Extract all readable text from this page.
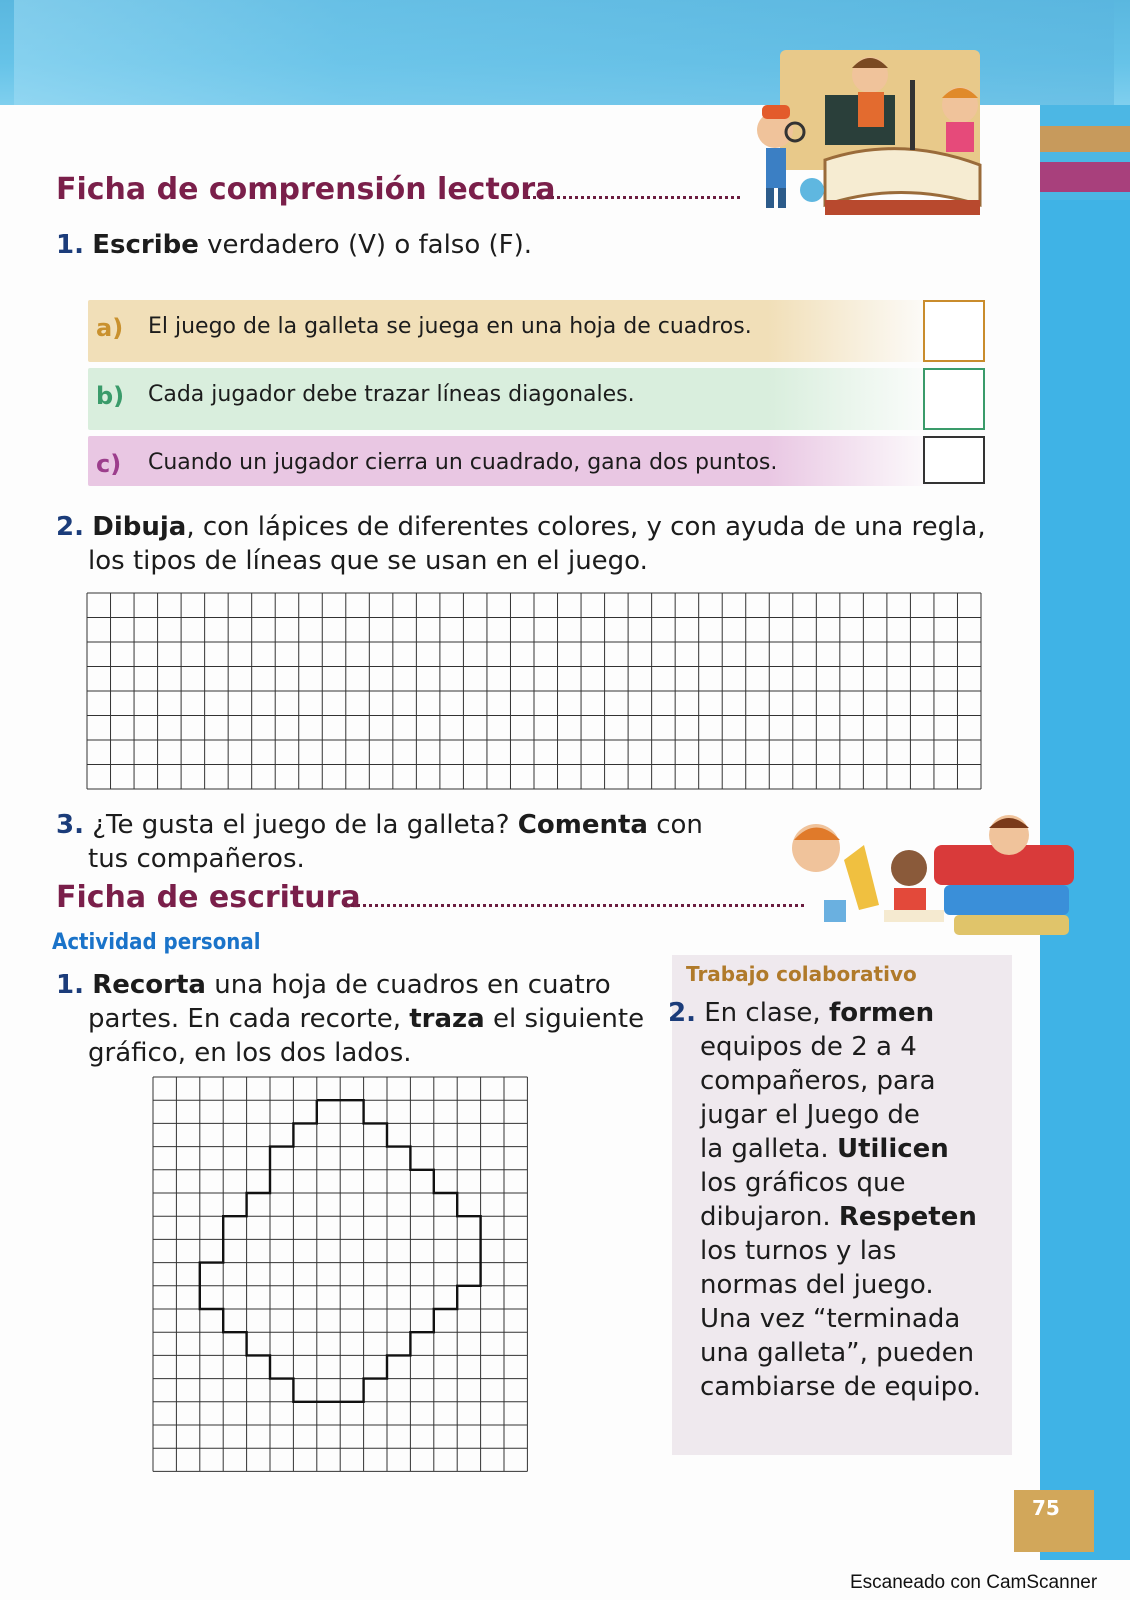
Ficha de comprensión lectora
1. Escribe verdadero (V) o falso (F).
a) El juego de la galleta se juega en una hoja de cuadros.
b) Cada jugador debe trazar líneas diagonales.
c) Cuando un jugador cierra un cuadrado, gana dos puntos.
2. Dibuja, con lápices de diferentes colores, y con ayuda de una regla,
los tipos de líneas que se usan en el juego.
3. ¿Te gusta el juego de la galleta? Comenta con
tus compañeros.
Ficha de escritura
Actividad personal
1. Recorta una hoja de cuadros en cuatro
partes. En cada recorte, traza el siguiente
gráfico, en los dos lados.
Trabajo colaborativo
2. En clase, formen
equipos de 2 a 4
compañeros, para
jugar el Juego de
la galleta. Utilicen
los gráficos que
dibujaron. Respeten
los turnos y las
normas del juego.
Una vez “terminada
una galleta”, pueden
cambiarse de equipo.
75
Escaneado con CamScanner
